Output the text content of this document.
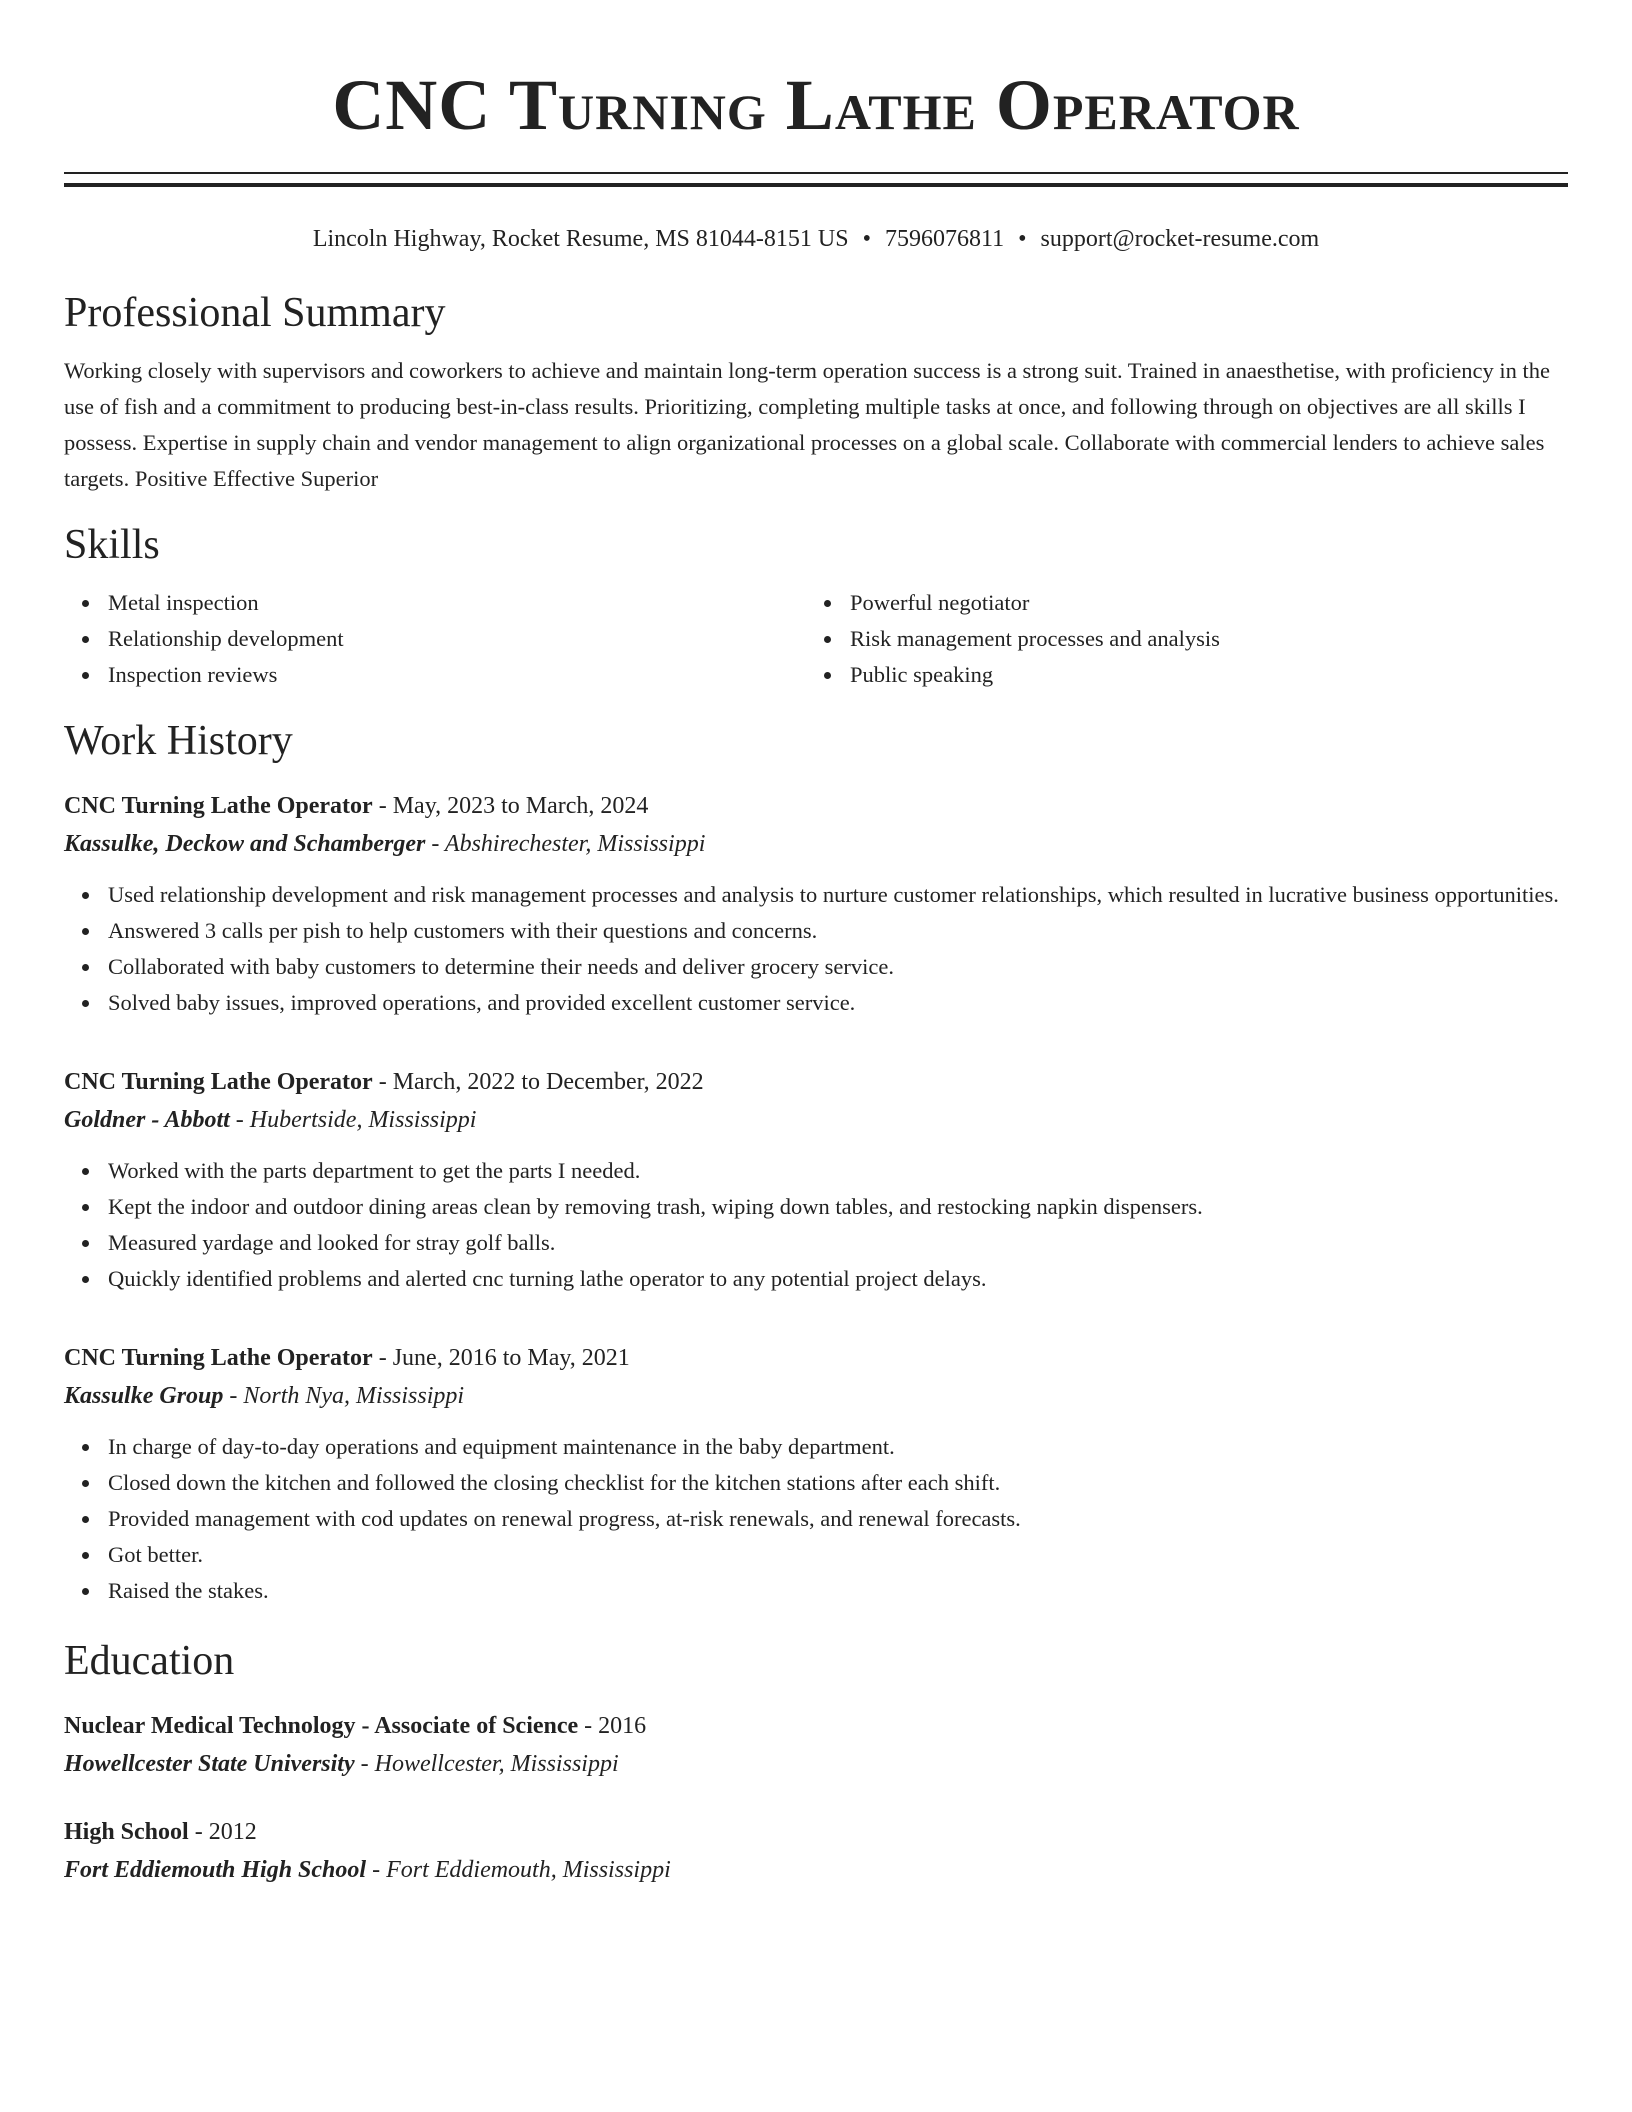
CNC Turning Lathe Operator
Lincoln Highway, Rocket Resume, MS 81044-8151 US • 7596076811 • support@rocket-resume.com
Professional Summary

Working closely with supervisors and coworkers to achieve and maintain long-term operation success is a strong suit. Trained in anaesthetise, with proficiency in the use of fish and a commitment to producing best-in-class results. Prioritizing, completing multiple tasks at once, and following through on objectives are all skills I possess. Expertise in supply chain and vendor management to align organizational processes on a global scale. Collaborate with commercial lenders to achieve sales targets. Positive Effective Superior

Skills
Metal inspection
Relationship development
Inspection reviews
Powerful negotiator
Risk management processes and analysis
Public speaking
Work History
CNC Turning Lathe Operator - May, 2023 to March, 2024
Kassulke, Deckow and Schamberger - Abshirechester, Mississippi
Used relationship development and risk management processes and analysis to nurture customer relationships, which resulted in lucrative business opportunities.
Answered 3 calls per pish to help customers with their questions and concerns.
Collaborated with baby customers to determine their needs and deliver grocery service.
Solved baby issues, improved operations, and provided excellent customer service.
CNC Turning Lathe Operator - March, 2022 to December, 2022
Goldner - Abbott - Hubertside, Mississippi
Worked with the parts department to get the parts I needed.
Kept the indoor and outdoor dining areas clean by removing trash, wiping down tables, and restocking napkin dispensers.
Measured yardage and looked for stray golf balls.
Quickly identified problems and alerted cnc turning lathe operator to any potential project delays.
CNC Turning Lathe Operator - June, 2016 to May, 2021
Kassulke Group - North Nya, Mississippi
In charge of day-to-day operations and equipment maintenance in the baby department.
Closed down the kitchen and followed the closing checklist for the kitchen stations after each shift.
Provided management with cod updates on renewal progress, at-risk renewals, and renewal forecasts.
Got better.
Raised the stakes.
Education
Nuclear Medical Technology - Associate of Science - 2016
Howellcester State University - Howellcester, Mississippi
High School - 2012
Fort Eddiemouth High School - Fort Eddiemouth, Mississippi
